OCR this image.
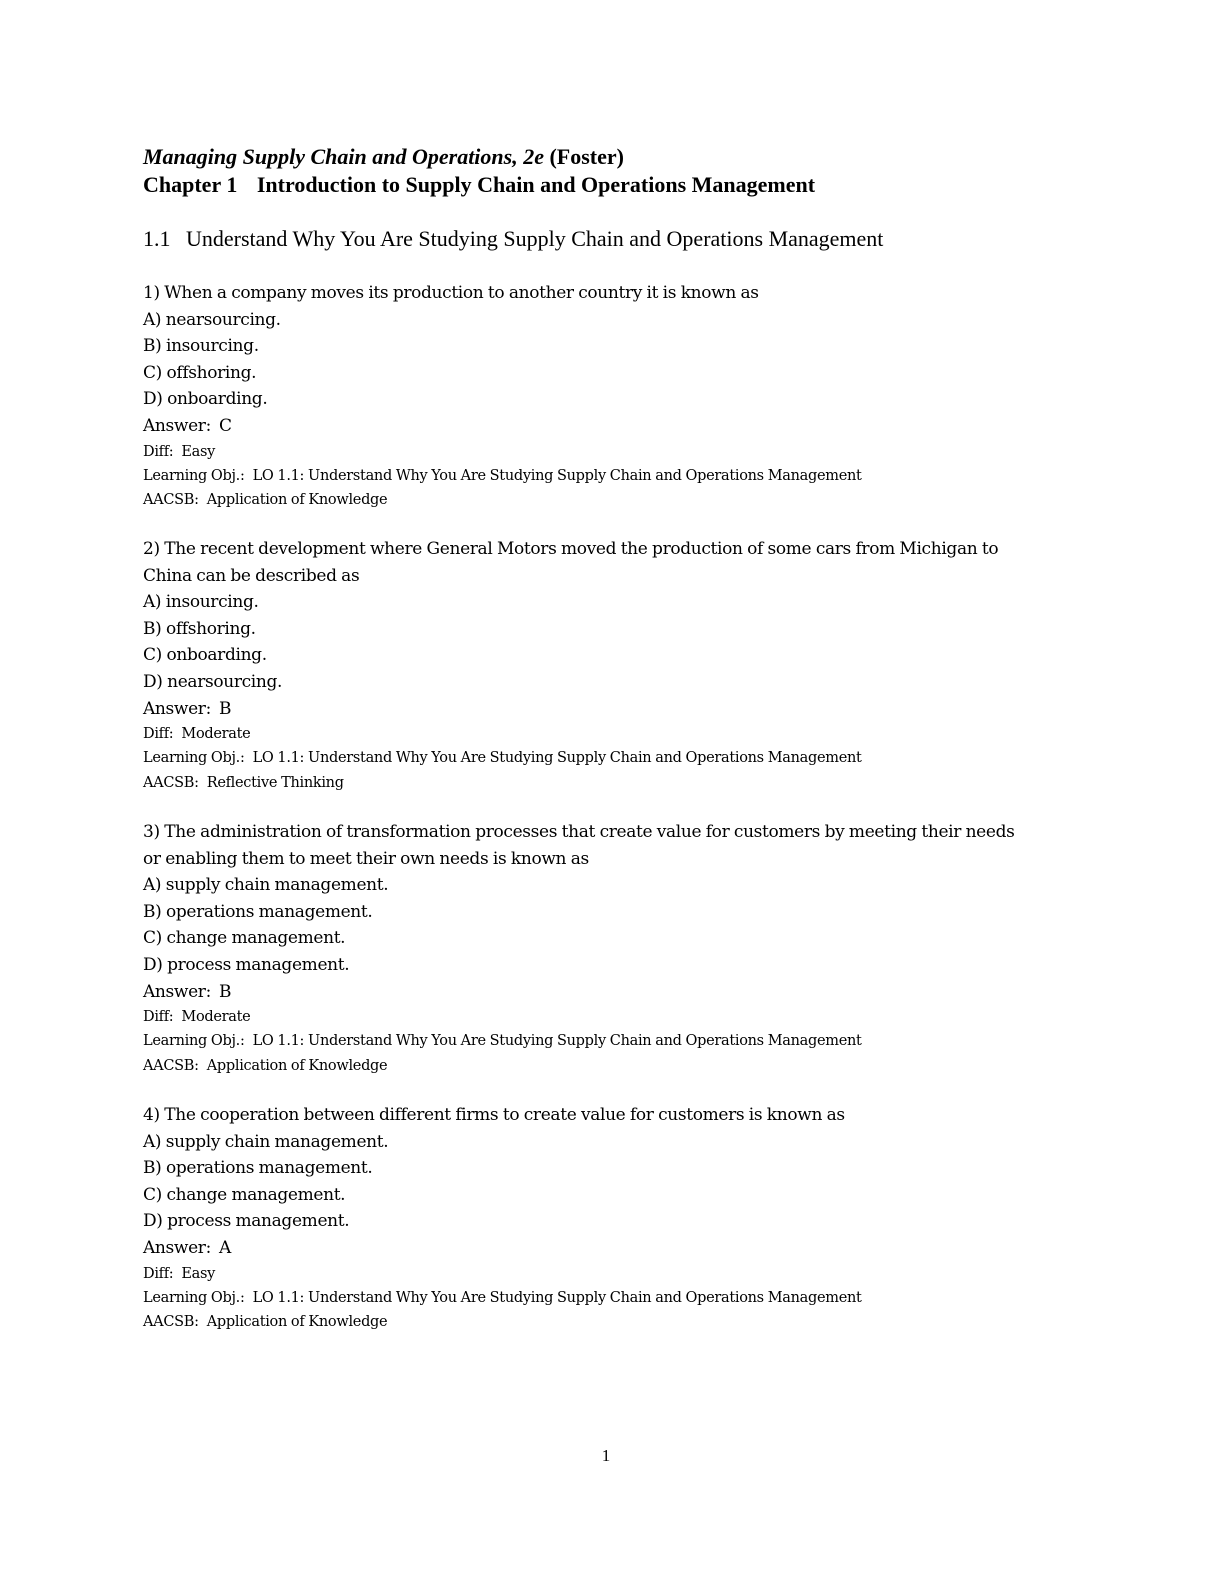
Managing Supply Chain and Operations, 2e (Foster)
Chapter 1 Introduction to Supply Chain and Operations Management
1.1 Understand Why You Are Studying Supply Chain and Operations Management
1) When a company moves its production to another country it is known as
A) nearsourcing.
B) insourcing.
C) offshoring.
D) onboarding.
Answer: C
Diff: Easy
Learning Obj.: LO 1.1: Understand Why You Are Studying Supply Chain and Operations Management
AACSB: Application of Knowledge
2) The recent development where General Motors moved the production of some cars from Michigan to
China can be described as
A) insourcing.
B) offshoring.
C) onboarding.
D) nearsourcing.
Answer: B
Diff: Moderate
Learning Obj.: LO 1.1: Understand Why You Are Studying Supply Chain and Operations Management
AACSB: Reflective Thinking
3) The administration of transformation processes that create value for customers by meeting their needs
or enabling them to meet their own needs is known as
A) supply chain management.
B) operations management.
C) change management.
D) process management.
Answer: B
Diff: Moderate
Learning Obj.: LO 1.1: Understand Why You Are Studying Supply Chain and Operations Management
AACSB: Application of Knowledge
4) The cooperation between different firms to create value for customers is known as
A) supply chain management.
B) operations management.
C) change management.
D) process management.
Answer: A
Diff: Easy
Learning Obj.: LO 1.1: Understand Why You Are Studying Supply Chain and Operations Management
AACSB: Application of Knowledge
1
